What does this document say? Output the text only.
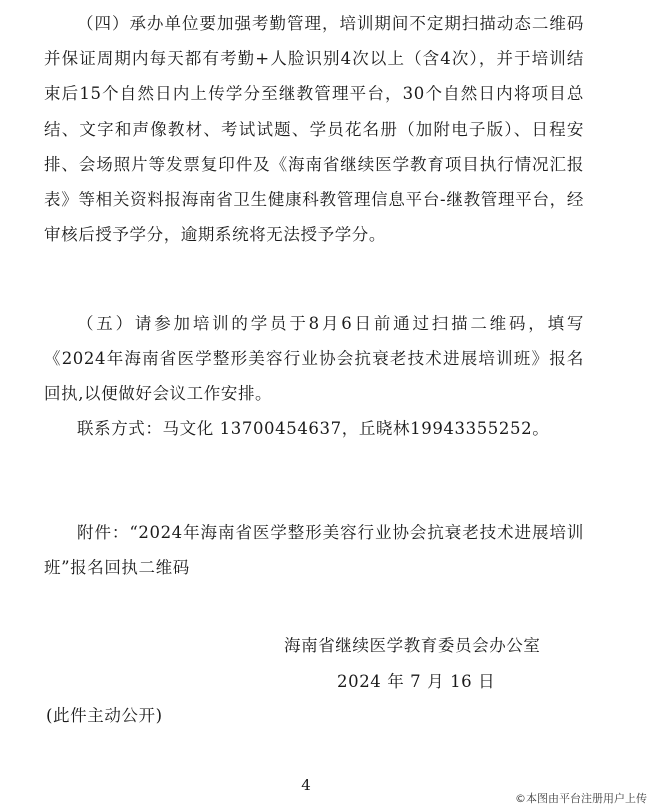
（四）承办单位要加强考勤管理，培训期间不定期扫描动态二维码并保证周期内每天都有考勤+人脸识别4次以上（含4次），并于培训结束后15个自然日内上传学分至继教管理平台，30个自然日内将项目总结、文字和声像教材、考试试题、学员花名册（加附电子版）、日程安排、会场照片等发票复印件及《海南省继续医学教育项目执行情况汇报表》等相关资料报海南省卫生健康科教管理信息平台-继教管理平台，经审核后授予学分，逾期系统将无法授予学分。

（五）请参加培训的学员于8月6日前通过扫描二维码，填写《2024年海南省医学整形美容行业协会抗衰老技术进展培训班》报名回执,以便做好会议工作安排。

联系方式：马文化 13700454637，丘晓林19943355252。

附件：“2024年海南省医学整形美容行业协会抗衰老技术进展培训班”报名回执二维码

海南省继续医学教育委员会办公室

2024 年 7 月 16 日

(此件主动公开)

4
©本图由平台注册用户上传
